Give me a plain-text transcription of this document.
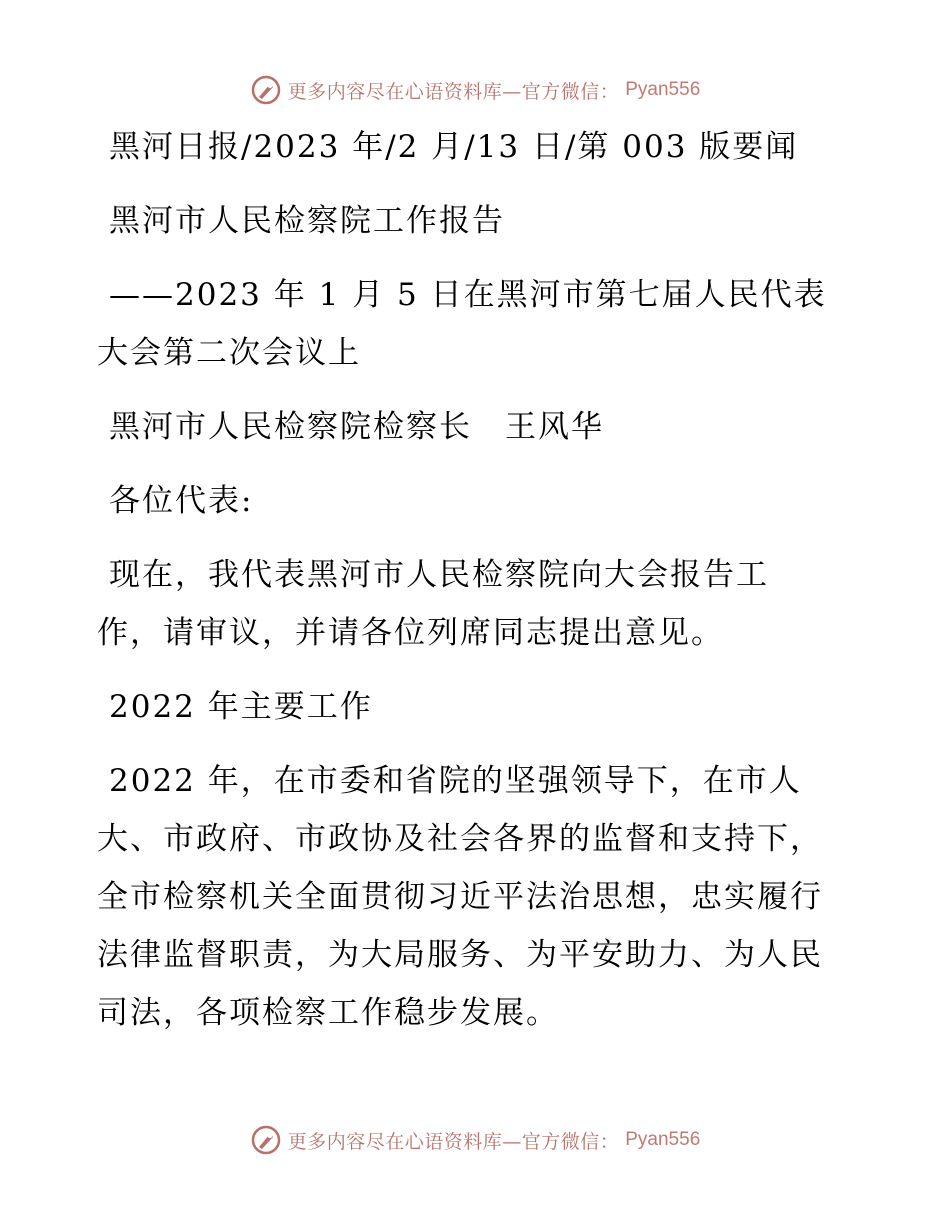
更多内容尽在心语资料库—官方微信： Pyan556

黑河日报/2023 年/2 月/13 日/第 003 版要闻

黑河市人民检察院工作报告

——2023 年 1 月 5 日在黑河市第七届人民代表

大会第二次会议上

黑河市人民检察院检察长　王风华

各位代表:

现在，我代表黑河市人民检察院向大会报告工

作，请审议，并请各位列席同志提出意见。

2022 年主要工作

2022 年，在市委和省院的坚强领导下，在市人

大、市政府、市政协及社会各界的监督和支持下，

全市检察机关全面贯彻习近平法治思想，忠实履行

法律监督职责，为大局服务、为平安助力、为人民

司法，各项检察工作稳步发展。

更多内容尽在心语资料库—官方微信： Pyan556
